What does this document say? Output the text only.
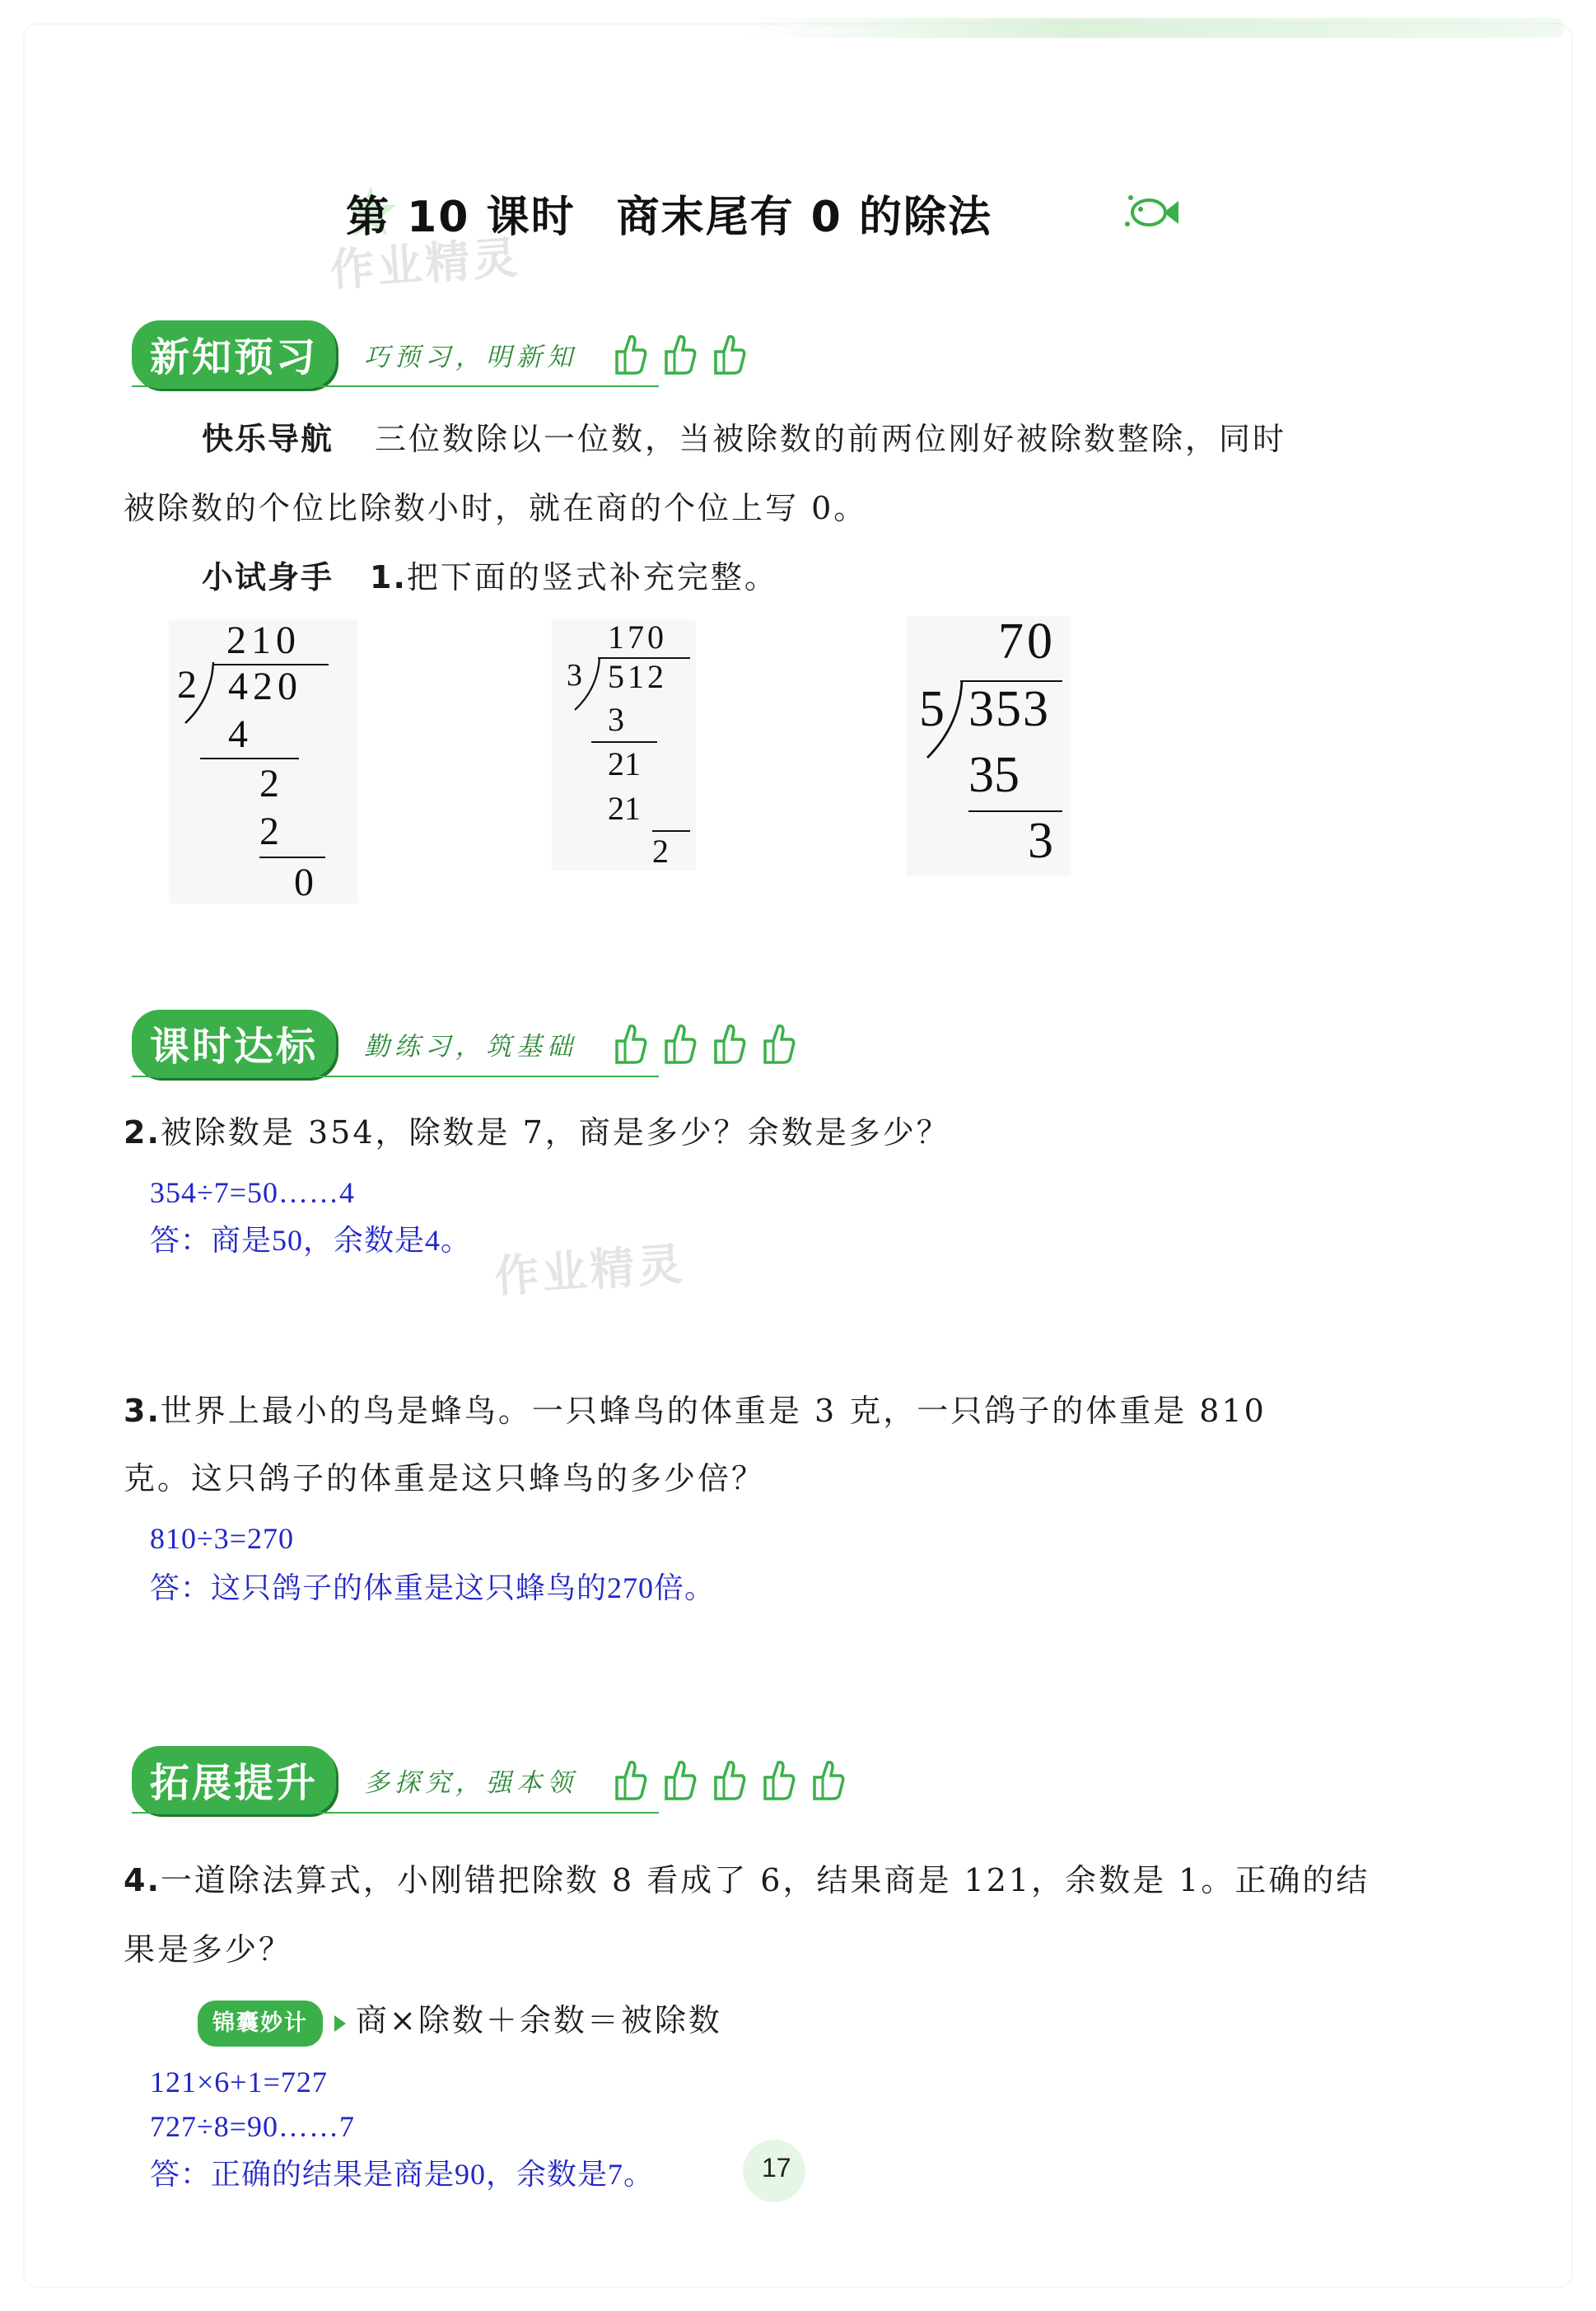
第 10 课时 商末尾有 0 的除法
作业精灵
作业精灵
新知预习	巧预习，明新知
快乐导航 三位数除以一位数，当被除数的前两位刚好被除数整除，同时
被除数的个位比除数小时，就在商的个位上写 0。
小试身手 1.把下面的竖式补充完整。
210
2 420
4
2
2
0
170
3 512
3
21
21
2
70
5 353
35
3
课时达标	勤练习，筑基础
2.被除数是 354，除数是 7，商是多少？余数是多少？
354÷7=50……4
答：商是50，余数是4。
3.世界上最小的鸟是蜂鸟。一只蜂鸟的体重是 3 克，一只鸽子的体重是 810
克。这只鸽子的体重是这只蜂鸟的多少倍？
810÷3=270
答：这只鸽子的体重是这只蜂鸟的270倍。
拓展提升	多探究，强本领
4.一道除法算式，小刚错把除数 8 看成了 6，结果商是 121，余数是 1。正确的结
果是多少？
锦囊妙计 商×除数＋余数＝被除数
121×6+1=727
727÷8=90……7
答：正确的结果是商是90，余数是7。	17
